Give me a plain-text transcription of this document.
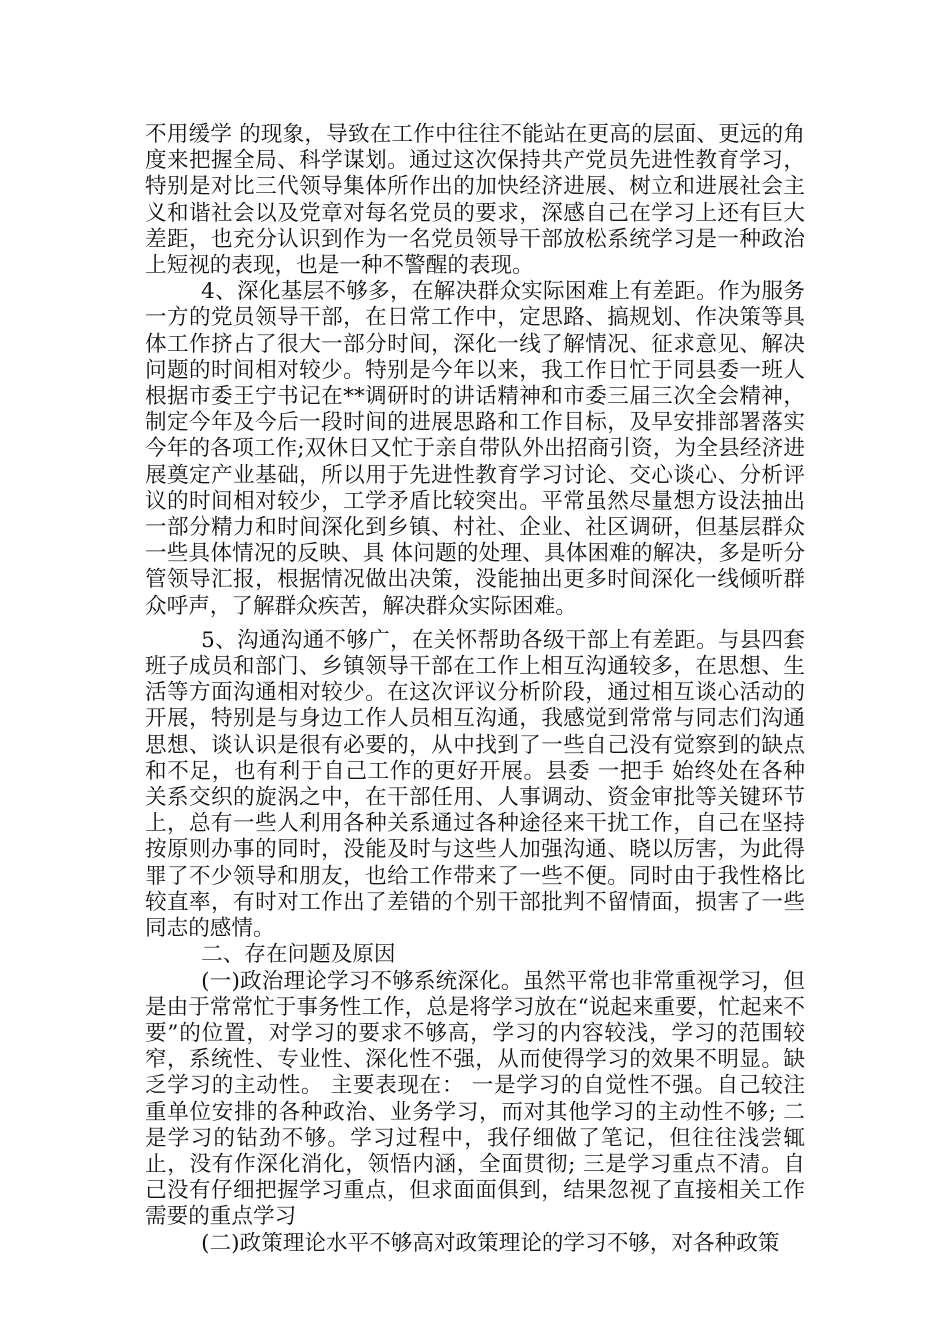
不用缓学 的现象，导致在工作中往往不能站在更高的层面、更远的角度来把握全局、科学谋划。通过这次保持共产党员先进性教育学习，特别是对比三代领导集体所作出的加快经济进展、树立和进展社会主义和谐社会以及党章对每名党员的要求，深感自己在学习上还有巨大差距，也充分认识到作为一名党员领导干部放松系统学习是一种政治上短视的表现，也是一种不警醒的表现。

4、深化基层不够多，在解决群众实际困难上有差距。作为服务一方的党员领导干部，在日常工作中，定思路、搞规划、作决策等具体工作挤占了很大一部分时间，深化一线了解情况、征求意见、解决问题的时间相对较少。特别是今年以来，我工作日忙于同县委一班人根据市委王宁书记在**调研时的讲话精神和市委三届三次全会精神，制定今年及今后一段时间的进展思路和工作目标，及早安排部署落实今年的各项工作;双休日又忙于亲自带队外出招商引资，为全县经济进展奠定产业基础，所以用于先进性教育学习讨论、交心谈心、分析评议的时间相对较少，工学矛盾比较突出。平常虽然尽量想方设法抽出一部分精力和时间深化到乡镇、村社、企业、社区调研，但基层群众一些具体情况的反映、具 体问题的处理、具体困难的解决，多是听分管领导汇报，根据情况做出决策，没能抽出更多时间深化一线倾听群众呼声，了解群众疾苦，解决群众实际困难。

5、沟通沟通不够广，在关怀帮助各级干部上有差距。与县四套班子成员和部门、乡镇领导干部在工作上相互沟通较多，在思想、生活等方面沟通相对较少。在这次评议分析阶段，通过相互谈心活动的开展，特别是与身边工作人员相互沟通，我感觉到常常与同志们沟通思想、谈认识是很有必要的，从中找到了一些自己没有觉察到的缺点和不足，也有利于自己工作的更好开展。县委 一把手 始终处在各种关系交织的旋涡之中，在干部任用、人事调动、资金审批等关键环节上，总有一些人利用各种关系通过各种途径来干扰工作，自己在坚持按原则办事的同时，没能及时与这些人加强沟通、晓以厉害，为此得罪了不少领导和朋友，也给工作带来了一些不便。同时由于我性格比较直率，有时对工作出了差错的个别干部批判不留情面，损害了一些同志的感情。

二、存在问题及原因

(一)政治理论学习不够系统深化。虽然平常也非常重视学习，但是由于常常忙于事务性工作，总是将学习放在“说起来重要，忙起来不要”的位置，对学习的要求不够高，学习的内容较浅，学习的范围较窄，系统性、专业性、深化性不强，从而使得学习的效果不明显。缺乏学习的主动性。 主要表现在： 一是学习的自觉性不强。自己较注重单位安排的各种政治、业务学习，而对其他学习的主动性不够; 二是学习的钻劲不够。学习过程中，我仔细做了笔记，但往往浅尝辄止，没有作深化消化，领悟内涵，全面贯彻; 三是学习重点不清。自己没有仔细把握学习重点，但求面面俱到，结果忽视了直接相关工作需要的重点学习

(二)政策理论水平不够高对政策理论的学习不够，对各种政策
